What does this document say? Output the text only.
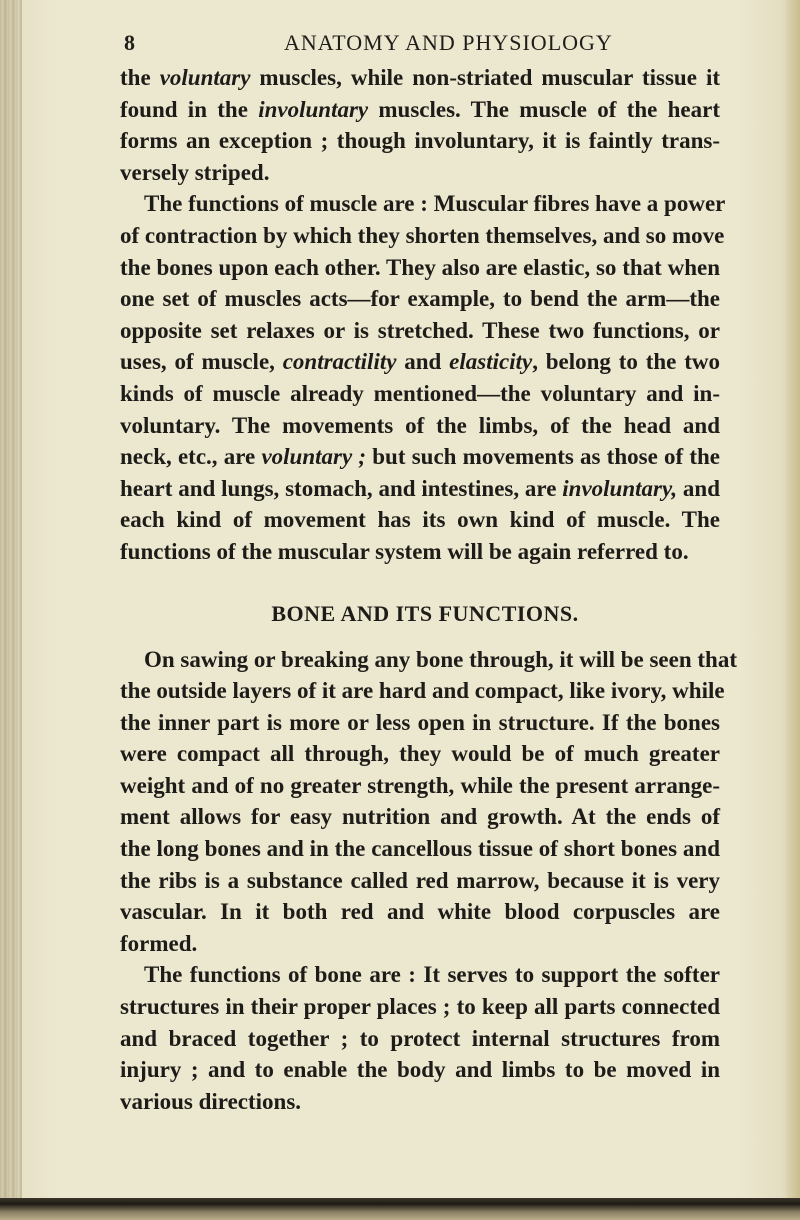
8	ANATOMY AND PHYSIOLOGY
the voluntary muscles, while non-striated muscular tissue it
found in the involuntary muscles. The muscle of the heart
forms an exception ; though involuntary, it is faintly trans-
versely striped.
The functions of muscle are : Muscular fibres have a power
of contraction by which they shorten themselves, and so move
the bones upon each other. They also are elastic, so that when
one set of muscles acts—for example, to bend the arm—the
opposite set relaxes or is stretched. These two functions, or
uses, of muscle, contractility and elasticity, belong to the two
kinds of muscle already mentioned—the voluntary and in-
voluntary. The movements of the limbs, of the head and
neck, etc., are voluntary ; but such movements as those of the
heart and lungs, stomach, and intestines, are involuntary, and
each kind of movement has its own kind of muscle. The
functions of the muscular system will be again referred to.
BONE AND ITS FUNCTIONS.
On sawing or breaking any bone through, it will be seen that
the outside layers of it are hard and compact, like ivory, while
the inner part is more or less open in structure. If the bones
were compact all through, they would be of much greater
weight and of no greater strength, while the present arrange-
ment allows for easy nutrition and growth. At the ends of
the long bones and in the cancellous tissue of short bones and
the ribs is a substance called red marrow, because it is very
vascular. In it both red and white blood corpuscles are
formed.
The functions of bone are : It serves to support the softer
structures in their proper places ; to keep all parts connected
and braced together ; to protect internal structures from
injury ; and to enable the body and limbs to be moved in
various directions.
